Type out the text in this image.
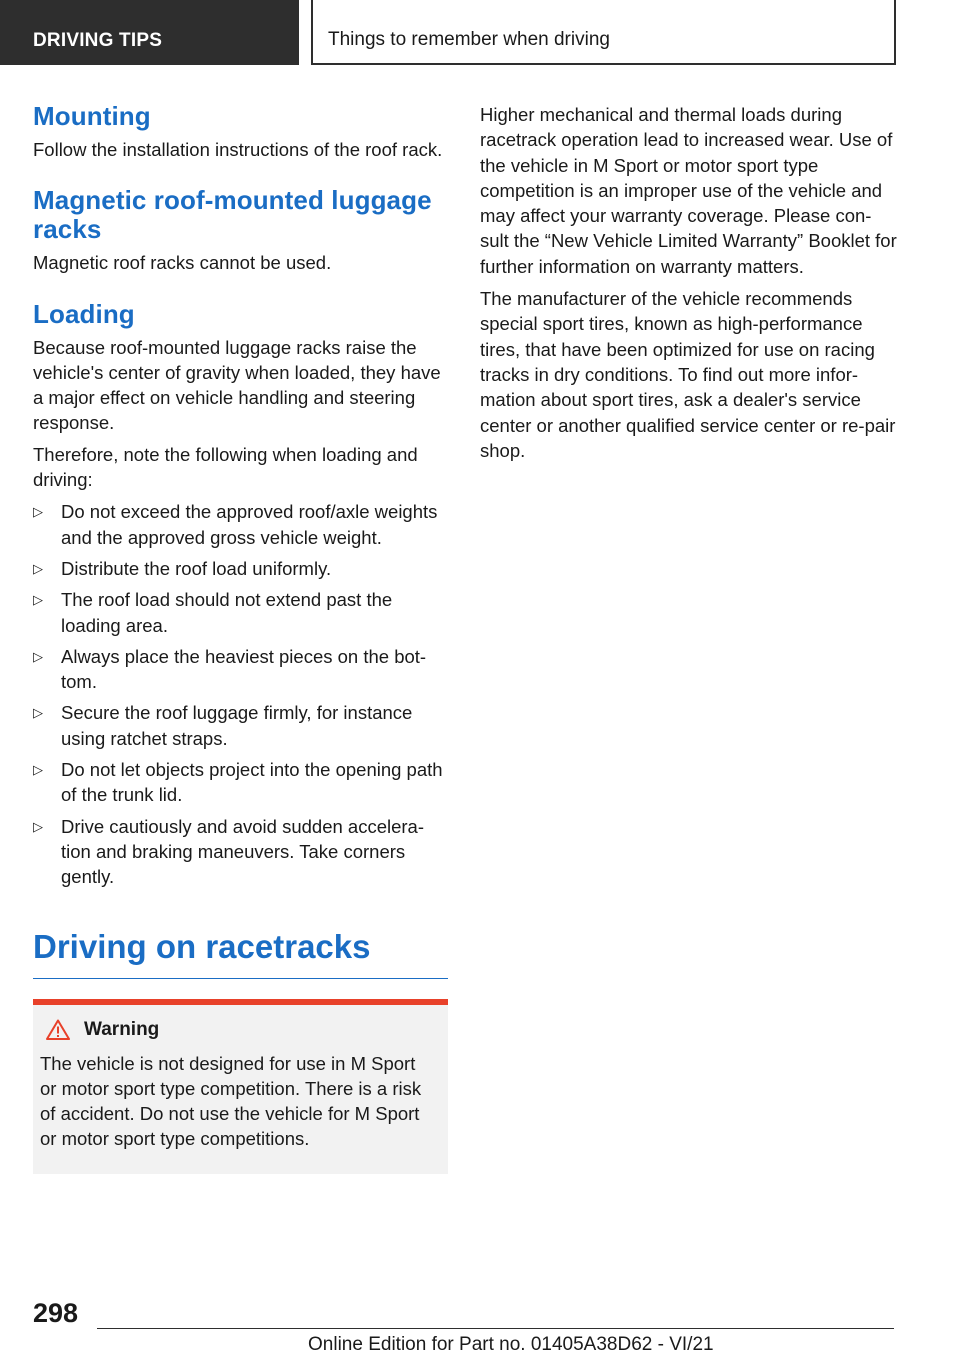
DRIVING TIPS	Things to remember when driving
Mounting

Follow the installation instructions of the roof rack.

Magnetic roof-mounted luggage racks

Magnetic roof racks cannot be used.

Loading

Because roof-mounted luggage racks raise the vehicle's center of gravity when loaded, they have a major effect on vehicle handling and steering response.

Therefore, note the following when loading and driving:

▷ Do not exceed the approved roof/axle weights and the approved gross vehicle weight.
▷ Distribute the roof load uniformly.
▷ The roof load should not extend past the loading area.
▷ Always place the heaviest pieces on the bot-tom.
▷ Secure the roof luggage firmly, for instance using ratchet straps.
▷ Do not let objects project into the opening path of the trunk lid.
▷ Drive cautiously and avoid sudden accelera-tion and braking maneuvers. Take corners gently.
Driving on racetracks
Warning

The vehicle is not designed for use in M Sport or motor sport type competition. There is a risk of accident. Do not use the vehicle for M Sport or motor sport type competitions.

Higher mechanical and thermal loads during racetrack operation lead to increased wear. Use of the vehicle in M Sport or motor sport type competition is an improper use of the vehicle and may affect your warranty coverage. Please con-sult the “New Vehicle Limited Warranty” Booklet for further information on warranty matters.

The manufacturer of the vehicle recommends special sport tires, known as high-performance tires, that have been optimized for use on racing tracks in dry conditions. To find out more infor-mation about sport tires, ask a dealer's service center or another qualified service center or re-pair shop.

298
Online Edition for Part no. 01405A38D62 - VI/21
